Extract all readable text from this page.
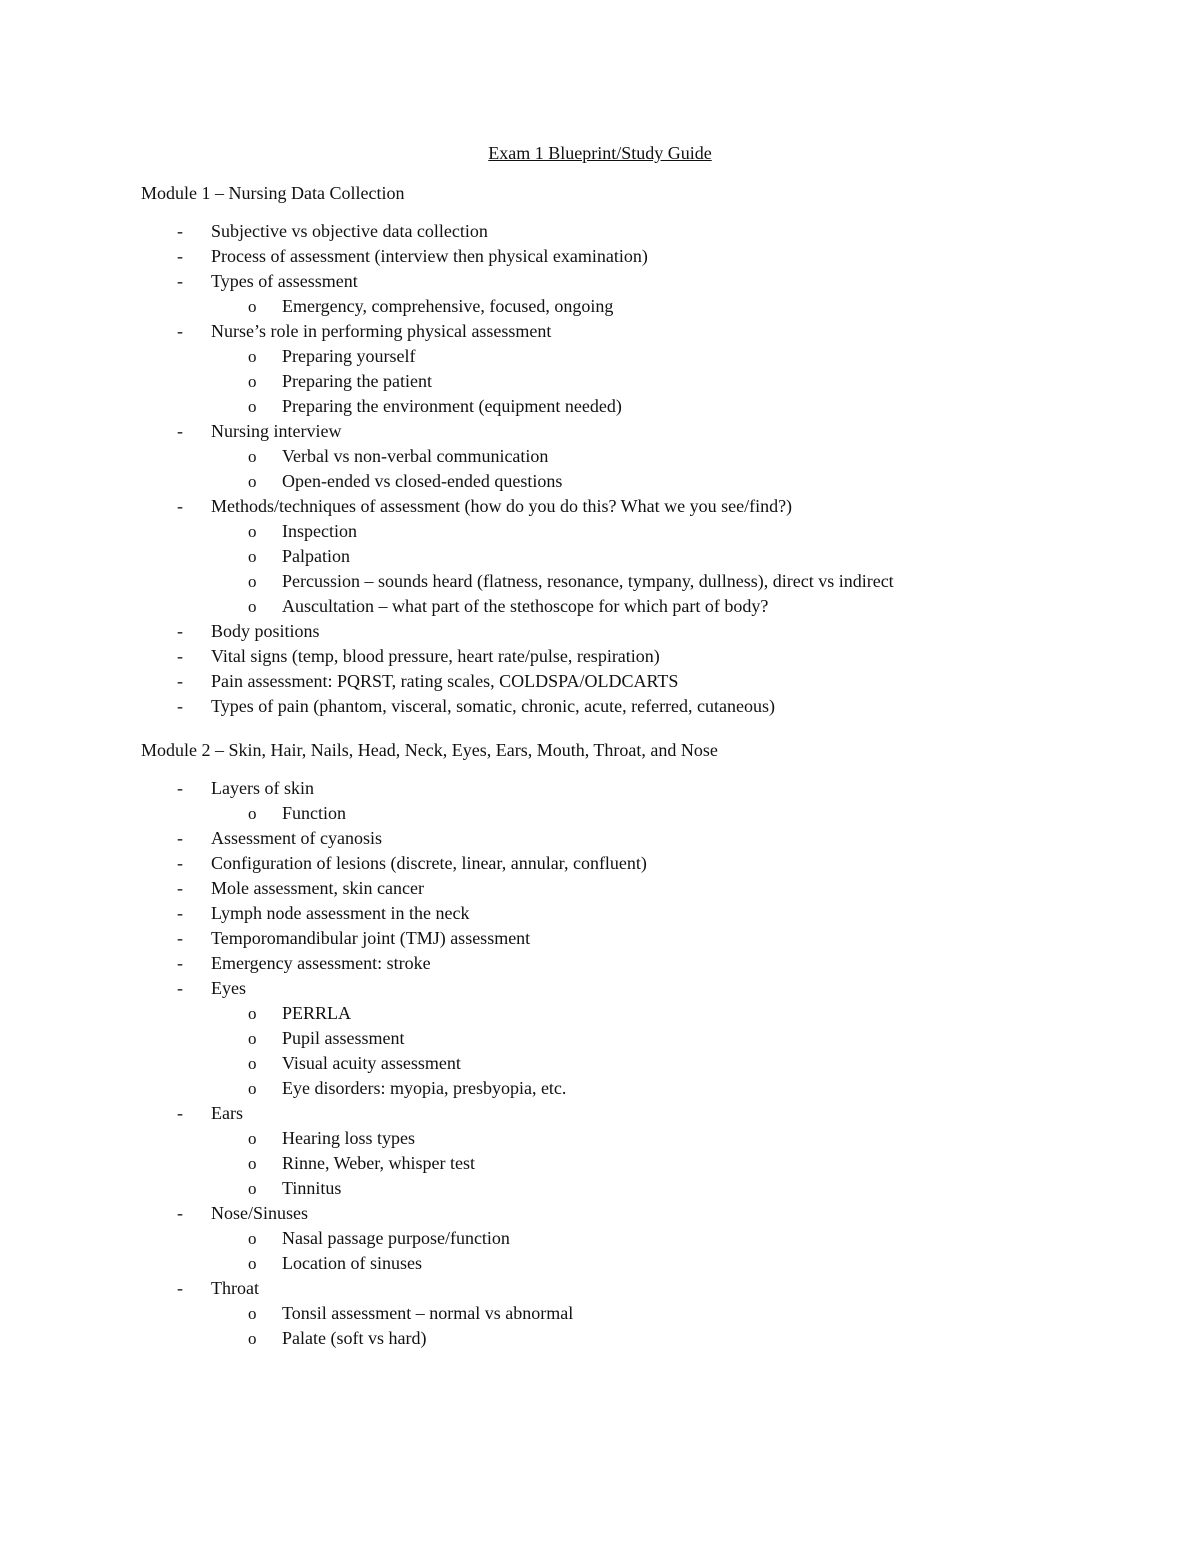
Exam 1 Blueprint/Study Guide

Module 1 – Nursing Data Collection

- Subjective vs objective data collection
- Process of assessment (interview then physical examination)
- Types of assessment
o Emergency, comprehensive, focused, ongoing
- Nurse’s role in performing physical assessment
o Preparing yourself
o Preparing the patient
o Preparing the environment (equipment needed)
- Nursing interview
o Verbal vs non-verbal communication
o Open-ended vs closed-ended questions
- Methods/techniques of assessment (how do you do this? What we you see/find?)
o Inspection
o Palpation
o Percussion – sounds heard (flatness, resonance, tympany, dullness), direct vs indirect
o Auscultation – what part of the stethoscope for which part of body?
- Body positions
- Vital signs (temp, blood pressure, heart rate/pulse, respiration)
- Pain assessment: PQRST, rating scales, COLDSPA/OLDCARTS
- Types of pain (phantom, visceral, somatic, chronic, acute, referred, cutaneous)

Module 2 – Skin, Hair, Nails, Head, Neck, Eyes, Ears, Mouth, Throat, and Nose

- Layers of skin
o Function
- Assessment of cyanosis
- Configuration of lesions (discrete, linear, annular, confluent)
- Mole assessment, skin cancer
- Lymph node assessment in the neck
- Temporomandibular joint (TMJ) assessment
- Emergency assessment: stroke
- Eyes
o PERRLA
o Pupil assessment
o Visual acuity assessment
o Eye disorders: myopia, presbyopia, etc.
- Ears
o Hearing loss types
o Rinne, Weber, whisper test
o Tinnitus
- Nose/Sinuses
o Nasal passage purpose/function
o Location of sinuses
- Throat
o Tonsil assessment – normal vs abnormal
o Palate (soft vs hard)
